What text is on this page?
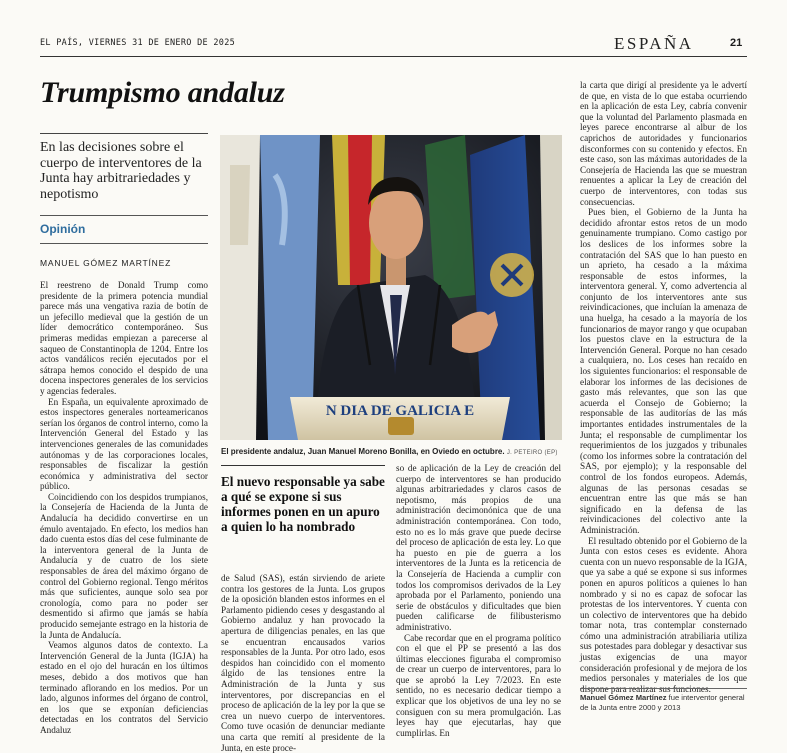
EL PAÍS, VIERNES 31 DE ENERO DE 2025	ESPAÑA	21
Trumpismo andaluz
En las decisiones sobre el cuerpo de interventores de la Junta hay arbitrariedades y nepotismo
Opinión
MANUEL GÓMEZ MARTÍNEZ

El reestreno de Donald Trump como presidente de la primera potencia mundial parece más una vengativa razia de botín de un jefecillo medieval que la gestión de un líder democrático contemporáneo. Sus primeras medidas empiezan a parecerse al saqueo de Constantinopla de 1204. Entre los actos vandálicos recién ejecutados por el sátrapa hemos conocido el despido de una docena inspectores generales de los servicios y agencias federales.

En España, un equivalente aproximado de estos inspectores generales norteamericanos serían los órganos de control interno, como la Intervención General del Estado y las intervenciones generales de las comunidades autónomas y de las corporaciones locales, responsables de fiscalizar la gestión económica y administrativa del sector público.

Coincidiendo con los despidos trumpianos, la Consejería de Hacienda de la Junta de Andalucía ha decidido convertirse en un émulo aventajado. En efecto, los medios han dado cuenta estos días del cese fulminante de la interventora general de la Junta de Andalucía y de cuatro de los siete responsables de área del máximo órgano de control del Gobierno regional. Tengo méritos más que suficientes, aunque solo sea por cronología, como para no poder ser desmentido si afirmo que jamás se había producido semejante estrago en la historia de la Junta de Andalucía.

Veamos algunos datos de contexto. La Intervención General de la Junta (IGJA) ha estado en el ojo del huracán en los últimos meses, debido a dos motivos que han terminado aflorando en los medios. Por un lado, algunos informes del órgano de control, en los que se exponían deficiencias detectadas en los contratos del Servicio Andaluz

N DIA DE GALICIA E
El presidente andaluz, Juan Manuel Moreno Bonilla, en Oviedo en octubre. J. PETEIRO (EP)
El nuevo responsable ya sabe a qué se expone si sus informes ponen en un apuro a quien lo ha nombrado

de Salud (SAS), están sirviendo de ariete contra los gestores de la Junta. Los grupos de la oposición blanden estos informes en el Parlamento pidiendo ceses y desgastando al Gobierno andaluz y han provocado la apertura de diligencias penales, en las que se encuentran encausados varios responsables de la Junta. Por otro lado, esos despidos han coincidido con el momento álgido de las tensiones entre la Administración de la Junta y sus interventores, por discrepancias en el proceso de aplicación de la ley por la que se crea un nuevo cuerpo de interventores. Como tuve ocasión de denunciar mediante una carta que remití al presidente de la Junta, en este proce-

so de aplicación de la Ley de creación del cuerpo de interventores se han producido algunas arbitrariedades y claros casos de nepotismo, más propios de una administración decimonónica que de una administración contemporánea. Con todo, esto no es lo más grave que puede decirse del proceso de aplicación de esta ley. Lo que ha puesto en pie de guerra a los interventores de la Junta es la reticencia de la Consejería de Hacienda a cumplir con todos los compromisos derivados de la Ley aprobada por el Parlamento, poniendo una serie de obstáculos y dificultades que bien pueden calificarse de filibusterismo administrativo.

Cabe recordar que en el programa político con el que el PP se presentó a las dos últimas elecciones figuraba el compromiso de crear un cuerpo de interventores, para lo que se aprobó la Ley 7/2023. En este sentido, no es necesario dedicar tiempo a explicar que los objetivos de una ley no se consiguen con su mera promulgación. Las leyes hay que ejecutarlas, hay que cumplirlas. En

la carta que dirigí al presidente ya le advertí de que, en vista de lo que estaba ocurriendo en la aplicación de esta Ley, cabría convenir que la voluntad del Parlamento plasmada en leyes parece encontrarse al albur de los caprichos de autoridades y funcionarios disconformes con su contenido y efectos. En este caso, son las máximas autoridades de la Consejería de Hacienda las que se muestran renuentes a aplicar la Ley de creación del cuerpo de interventores, con todas sus consecuencias.

Pues bien, el Gobierno de la Junta ha decidido afrontar estos retos de un modo genuinamente trumpiano. Como castigo por los deslices de los informes sobre la contratación del SAS que lo han puesto en un aprieto, ha cesado a la máxima responsable de estos informes, la interventora general. Y, como advertencia al conjunto de los interventores ante sus reivindicaciones, que incluían la amenaza de una huelga, ha cesado a la mayoría de los funcionarios de mayor rango y que ocupaban los puestos clave en la estructura de la Intervención General. Porque no han cesado a cualquiera, no. Los ceses han recaído en los siguientes funcionarios: el responsable de elaborar los informes de las decisiones de gasto más relevantes, que son las que acuerda el Consejo de Gobierno; la responsable de las auditorías de las más importantes entidades instrumentales de la Junta; el responsable de cumplimentar los requerimientos de los juzgados y tribunales (como los informes sobre la contratación del SAS, por ejemplo); y la responsable del control de los fondos europeos. Además, algunas de las personas cesadas se encuentran entre las que más se han significado en la defensa de las reivindicaciones del colectivo ante la Administración.

El resultado obtenido por el Gobierno de la Junta con estos ceses es evidente. Ahora cuenta con un nuevo responsable de la IGJA, que ya sabe a qué se expone si sus informes ponen en apuros políticos a quienes lo han nombrado y si no es capaz de sofocar las protestas de los interventores. Y cuenta con un colectivo de interventores que ha debido tomar nota, tras contemplar consternado cómo una administración atrabiliaria utiliza sus potestades para doblegar y desactivar sus justas exigencias de una mayor consideración profesional y de mejora de los medios personales y materiales de los que

Manuel Gómez Martínez fue interventor general de la Junta entre 2000 y 2013
